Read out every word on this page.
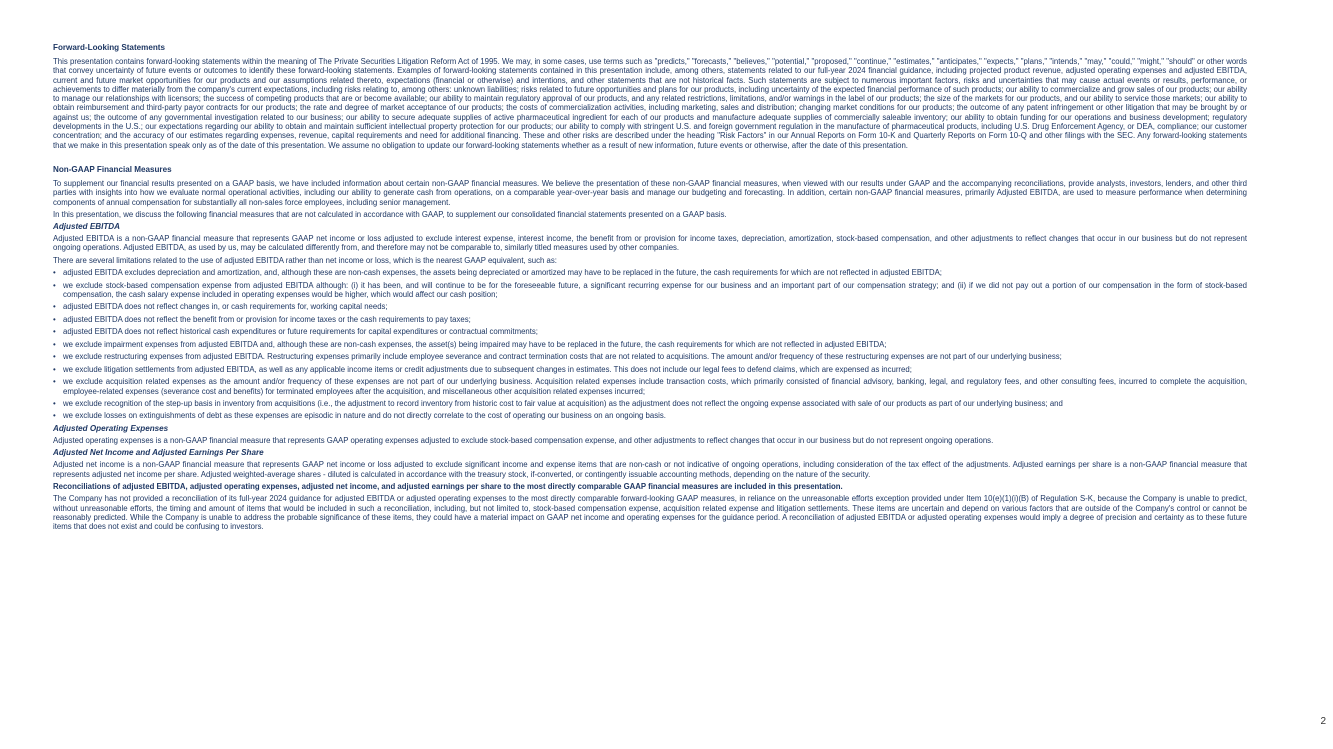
Forward-Looking Statements
This presentation contains forward-looking statements within the meaning of The Private Securities Litigation Reform Act of 1995. We may, in some cases, use terms such as "predicts," "forecasts," "believes," "potential," "proposed," "continue," "estimates," "anticipates," "expects," "plans," "intends," "may," "could," "might," "should" or other words that convey uncertainty of future events or outcomes to identify these forward-looking statements. Examples of forward-looking statements contained in this presentation include, among others, statements related to our full-year 2024 financial guidance, including projected product revenue, adjusted operating expenses and adjusted EBITDA, current and future market opportunities for our products and our assumptions related thereto, expectations (financial or otherwise) and intentions, and other statements that are not historical facts. Such statements are subject to numerous important factors, risks and uncertainties that may cause actual events or results, performance, or achievements to differ materially from the company's current expectations, including risks relating to, among others: unknown liabilities; risks related to future opportunities and plans for our products, including uncertainty of the expected financial performance of such products; our ability to commercialize and grow sales of our products; our ability to manage our relationships with licensors; the success of competing products that are or become available; our ability to maintain regulatory approval of our products, and any related restrictions, limitations, and/or warnings in the label of our products; the size of the markets for our products, and our ability to service those markets; our ability to obtain reimbursement and third-party payor contracts for our products; the rate and degree of market acceptance of our products; the costs of commercialization activities, including marketing, sales and distribution; changing market conditions for our products; the outcome of any patent infringement or other litigation that may be brought by or against us; the outcome of any governmental investigation related to our business; our ability to secure adequate supplies of active pharmaceutical ingredient for each of our products and manufacture adequate supplies of commercially saleable inventory; our ability to obtain funding for our operations and business development; regulatory developments in the U.S.; our expectations regarding our ability to obtain and maintain sufficient intellectual property protection for our products; our ability to comply with stringent U.S. and foreign government regulation in the manufacture of pharmaceutical products, including U.S. Drug Enforcement Agency, or DEA, compliance; our customer concentration; and the accuracy of our estimates regarding expenses, revenue, capital requirements and need for additional financing. These and other risks are described under the heading "Risk Factors" in our Annual Reports on Form 10-K and Quarterly Reports on Form 10-Q and other filings with the SEC. Any forward-looking statements that we make in this presentation speak only as of the date of this presentation. We assume no obligation to update our forward-looking statements whether as a result of new information, future events or otherwise, after the date of this presentation.
Non-GAAP Financial Measures
To supplement our financial results presented on a GAAP basis, we have included information about certain non-GAAP financial measures. We believe the presentation of these non-GAAP financial measures, when viewed with our results under GAAP and the accompanying reconciliations, provide analysts, investors, lenders, and other third parties with insights into how we evaluate normal operational activities, including our ability to generate cash from operations, on a comparable year-over-year basis and manage our budgeting and forecasting. In addition, certain non-GAAP financial measures, primarily Adjusted EBITDA, are used to measure performance when determining components of annual compensation for substantially all non-sales force employees, including senior management.
In this presentation, we discuss the following financial measures that are not calculated in accordance with GAAP, to supplement our consolidated financial statements presented on a GAAP basis.
Adjusted EBITDA
Adjusted EBITDA is a non-GAAP financial measure that represents GAAP net income or loss adjusted to exclude interest expense, interest income, the benefit from or provision for income taxes, depreciation, amortization, stock-based compensation, and other adjustments to reflect changes that occur in our business but do not represent ongoing operations. Adjusted EBITDA, as used by us, may be calculated differently from, and therefore may not be comparable to, similarly titled measures used by other companies.
There are several limitations related to the use of adjusted EBITDA rather than net income or loss, which is the nearest GAAP equivalent, such as:
• adjusted EBITDA excludes depreciation and amortization, and, although these are non-cash expenses, the assets being depreciated or amortized may have to be replaced in the future, the cash requirements for which are not reflected in adjusted EBITDA;
• we exclude stock-based compensation expense from adjusted EBITDA although: (i) it has been, and will continue to be for the foreseeable future, a significant recurring expense for our business and an important part of our compensation strategy; and (ii) if we did not pay out a portion of our compensation in the form of stock-based compensation, the cash salary expense included in operating expenses would be higher, which would affect our cash position;
• adjusted EBITDA does not reflect changes in, or cash requirements for, working capital needs;
• adjusted EBITDA does not reflect the benefit from or provision for income taxes or the cash requirements to pay taxes;
• adjusted EBITDA does not reflect historical cash expenditures or future requirements for capital expenditures or contractual commitments;
• we exclude impairment expenses from adjusted EBITDA and, although these are non-cash expenses, the asset(s) being impaired may have to be replaced in the future, the cash requirements for which are not reflected in adjusted EBITDA;
• we exclude restructuring expenses from adjusted EBITDA. Restructuring expenses primarily include employee severance and contract termination costs that are not related to acquisitions. The amount and/or frequency of these restructuring expenses are not part of our underlying business;
• we exclude litigation settlements from adjusted EBITDA, as well as any applicable income items or credit adjustments due to subsequent changes in estimates. This does not include our legal fees to defend claims, which are expensed as incurred;
• we exclude acquisition related expenses as the amount and/or frequency of these expenses are not part of our underlying business. Acquisition related expenses include transaction costs, which primarily consisted of financial advisory, banking, legal, and regulatory fees, and other consulting fees, incurred to complete the acquisition, employee-related expenses (severance cost and benefits) for terminated employees after the acquisition, and miscellaneous other acquisition related expenses incurred;
• we exclude recognition of the step-up basis in inventory from acquisitions (i.e., the adjustment to record inventory from historic cost to fair value at acquisition) as the adjustment does not reflect the ongoing expense associated with sale of our products as part of our underlying business; and
• we exclude losses on extinguishments of debt as these expenses are episodic in nature and do not directly correlate to the cost of operating our business on an ongoing basis.
Adjusted Operating Expenses
Adjusted operating expenses is a non-GAAP financial measure that represents GAAP operating expenses adjusted to exclude stock-based compensation expense, and other adjustments to reflect changes that occur in our business but do not represent ongoing operations.
Adjusted Net Income and Adjusted Earnings Per Share
Adjusted net income is a non-GAAP financial measure that represents GAAP net income or loss adjusted to exclude significant income and expense items that are non-cash or not indicative of ongoing operations, including consideration of the tax effect of the adjustments. Adjusted earnings per share is a non-GAAP financial measure that represents adjusted net income per share. Adjusted weighted-average shares - diluted is calculated in accordance with the treasury stock, if-converted, or contingently issuable accounting methods, depending on the nature of the security.
Reconciliations of adjusted EBITDA, adjusted operating expenses, adjusted net income, and adjusted earnings per share to the most directly comparable GAAP financial measures are included in this presentation.
The Company has not provided a reconciliation of its full-year 2024 guidance for adjusted EBITDA or adjusted operating expenses to the most directly comparable forward-looking GAAP measures, in reliance on the unreasonable efforts exception provided under Item 10(e)(1)(i)(B) of Regulation S-K, because the Company is unable to predict, without unreasonable efforts, the timing and amount of items that would be included in such a reconciliation, including, but not limited to, stock-based compensation expense, acquisition related expense and litigation settlements. These items are uncertain and depend on various factors that are outside of the Company's control or cannot be reasonably predicted. While the Company is unable to address the probable significance of these items, they could have a material impact on GAAP net income and operating expenses for the guidance period. A reconciliation of adjusted EBITDA or adjusted operating expenses would imply a degree of precision and certainty as to these future items that does not exist and could be confusing to investors.
2
